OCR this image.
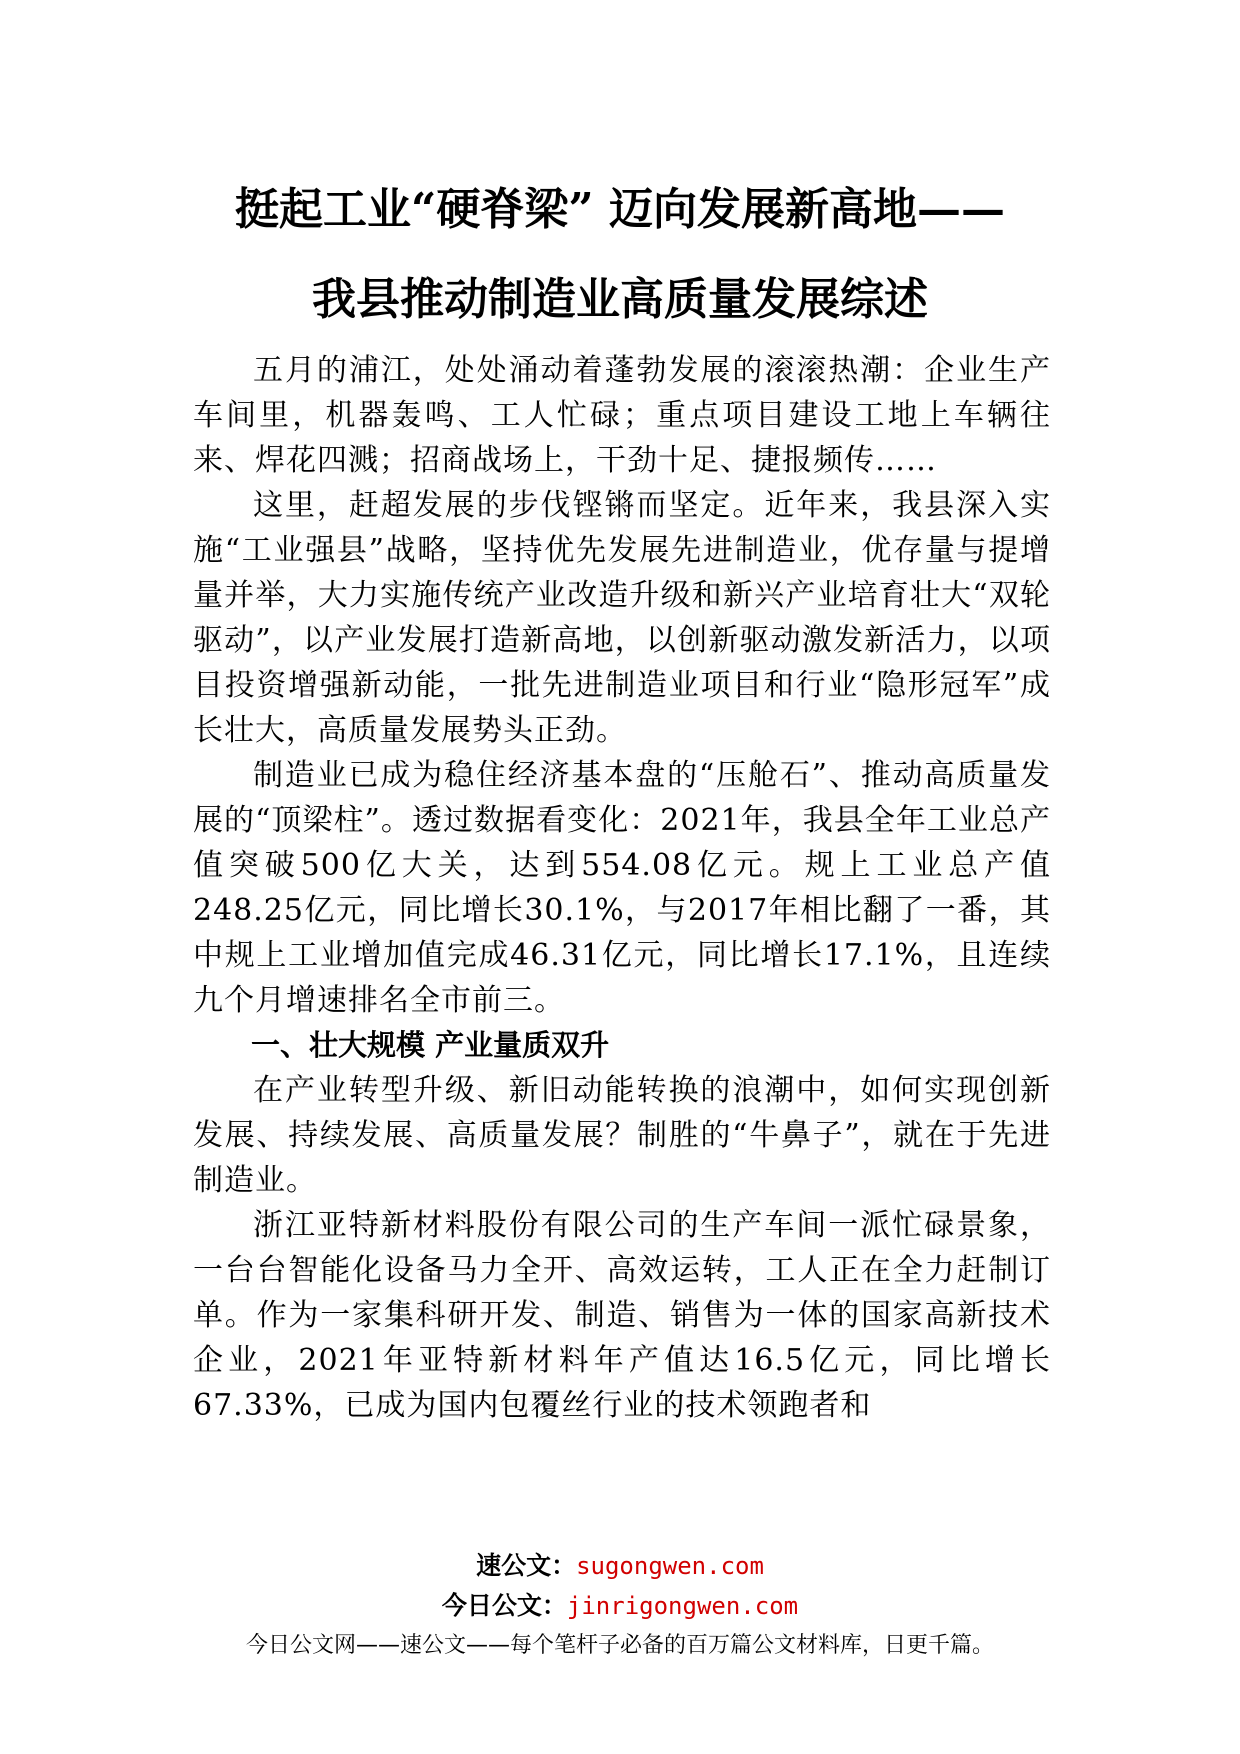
挺起工业“硬脊梁” 迈向发展新高地——
我县推动制造业高质量发展综述

五月的浦江，处处涌动着蓬勃发展的滚滚热潮：企业生产车间里，机器轰鸣、工人忙碌；重点项目建设工地上车辆往来、焊花四溅；招商战场上，干劲十足、捷报频传……

这里，赶超发展的步伐铿锵而坚定。近年来，我县深入实施“工业强县”战略，坚持优先发展先进制造业，优存量与提增量并举，大力实施传统产业改造升级和新兴产业培育壮大“双轮驱动”，以产业发展打造新高地，以创新驱动激发新活力，以项目投资增强新动能，一批先进制造业项目和行业“隐形冠军”成长壮大，高质量发展势头正劲。

制造业已成为稳住经济基本盘的“压舱石”、推动高质量发展的“顶梁柱”。透过数据看变化：2021年，我县全年工业总产值突破500亿大关，达到554.08亿元。规上工业总产值248.25亿元，同比增长30.1%，与2017年相比翻了一番，其中规上工业增加值完成46.31亿元，同比增长17.1%，且连续九个月增速排名全市前三。

一、壮大规模 产业量质双升

在产业转型升级、新旧动能转换的浪潮中，如何实现创新发展、持续发展、高质量发展？制胜的“牛鼻子”，就在于先进制造业。

浙江亚特新材料股份有限公司的生产车间一派忙碌景象，一台台智能化设备马力全开、高效运转，工人正在全力赶制订单。作为一家集科研开发、制造、销售为一体的国家高新技术企业，2021年亚特新材料年产值达16.5亿元，同比增长67.33%，已成为国内包覆丝行业的技术领跑者和

速公文：sugongwen.com
今日公文：jinrigongwen.com
今日公文网——速公文——每个笔杆子必备的百万篇公文材料库，日更千篇。
